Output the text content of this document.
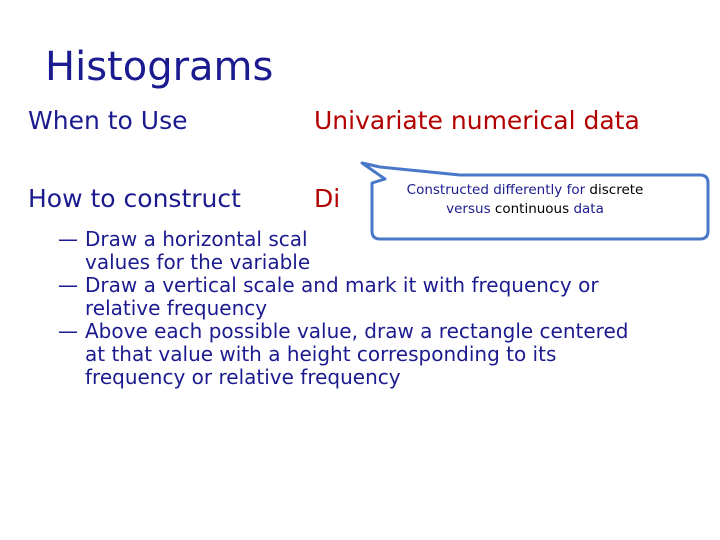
Histograms
When to Use	Univariate numerical data
How to construct	Di

— Draw a horizontal scal

values for the variable

— Draw a vertical scale and mark it with frequency or

relative frequency

— Above each possible value, draw a rectangle centered

at that value with a height corresponding to its

frequency or relative frequency

Constructed differently for discrete
versus continuous data
